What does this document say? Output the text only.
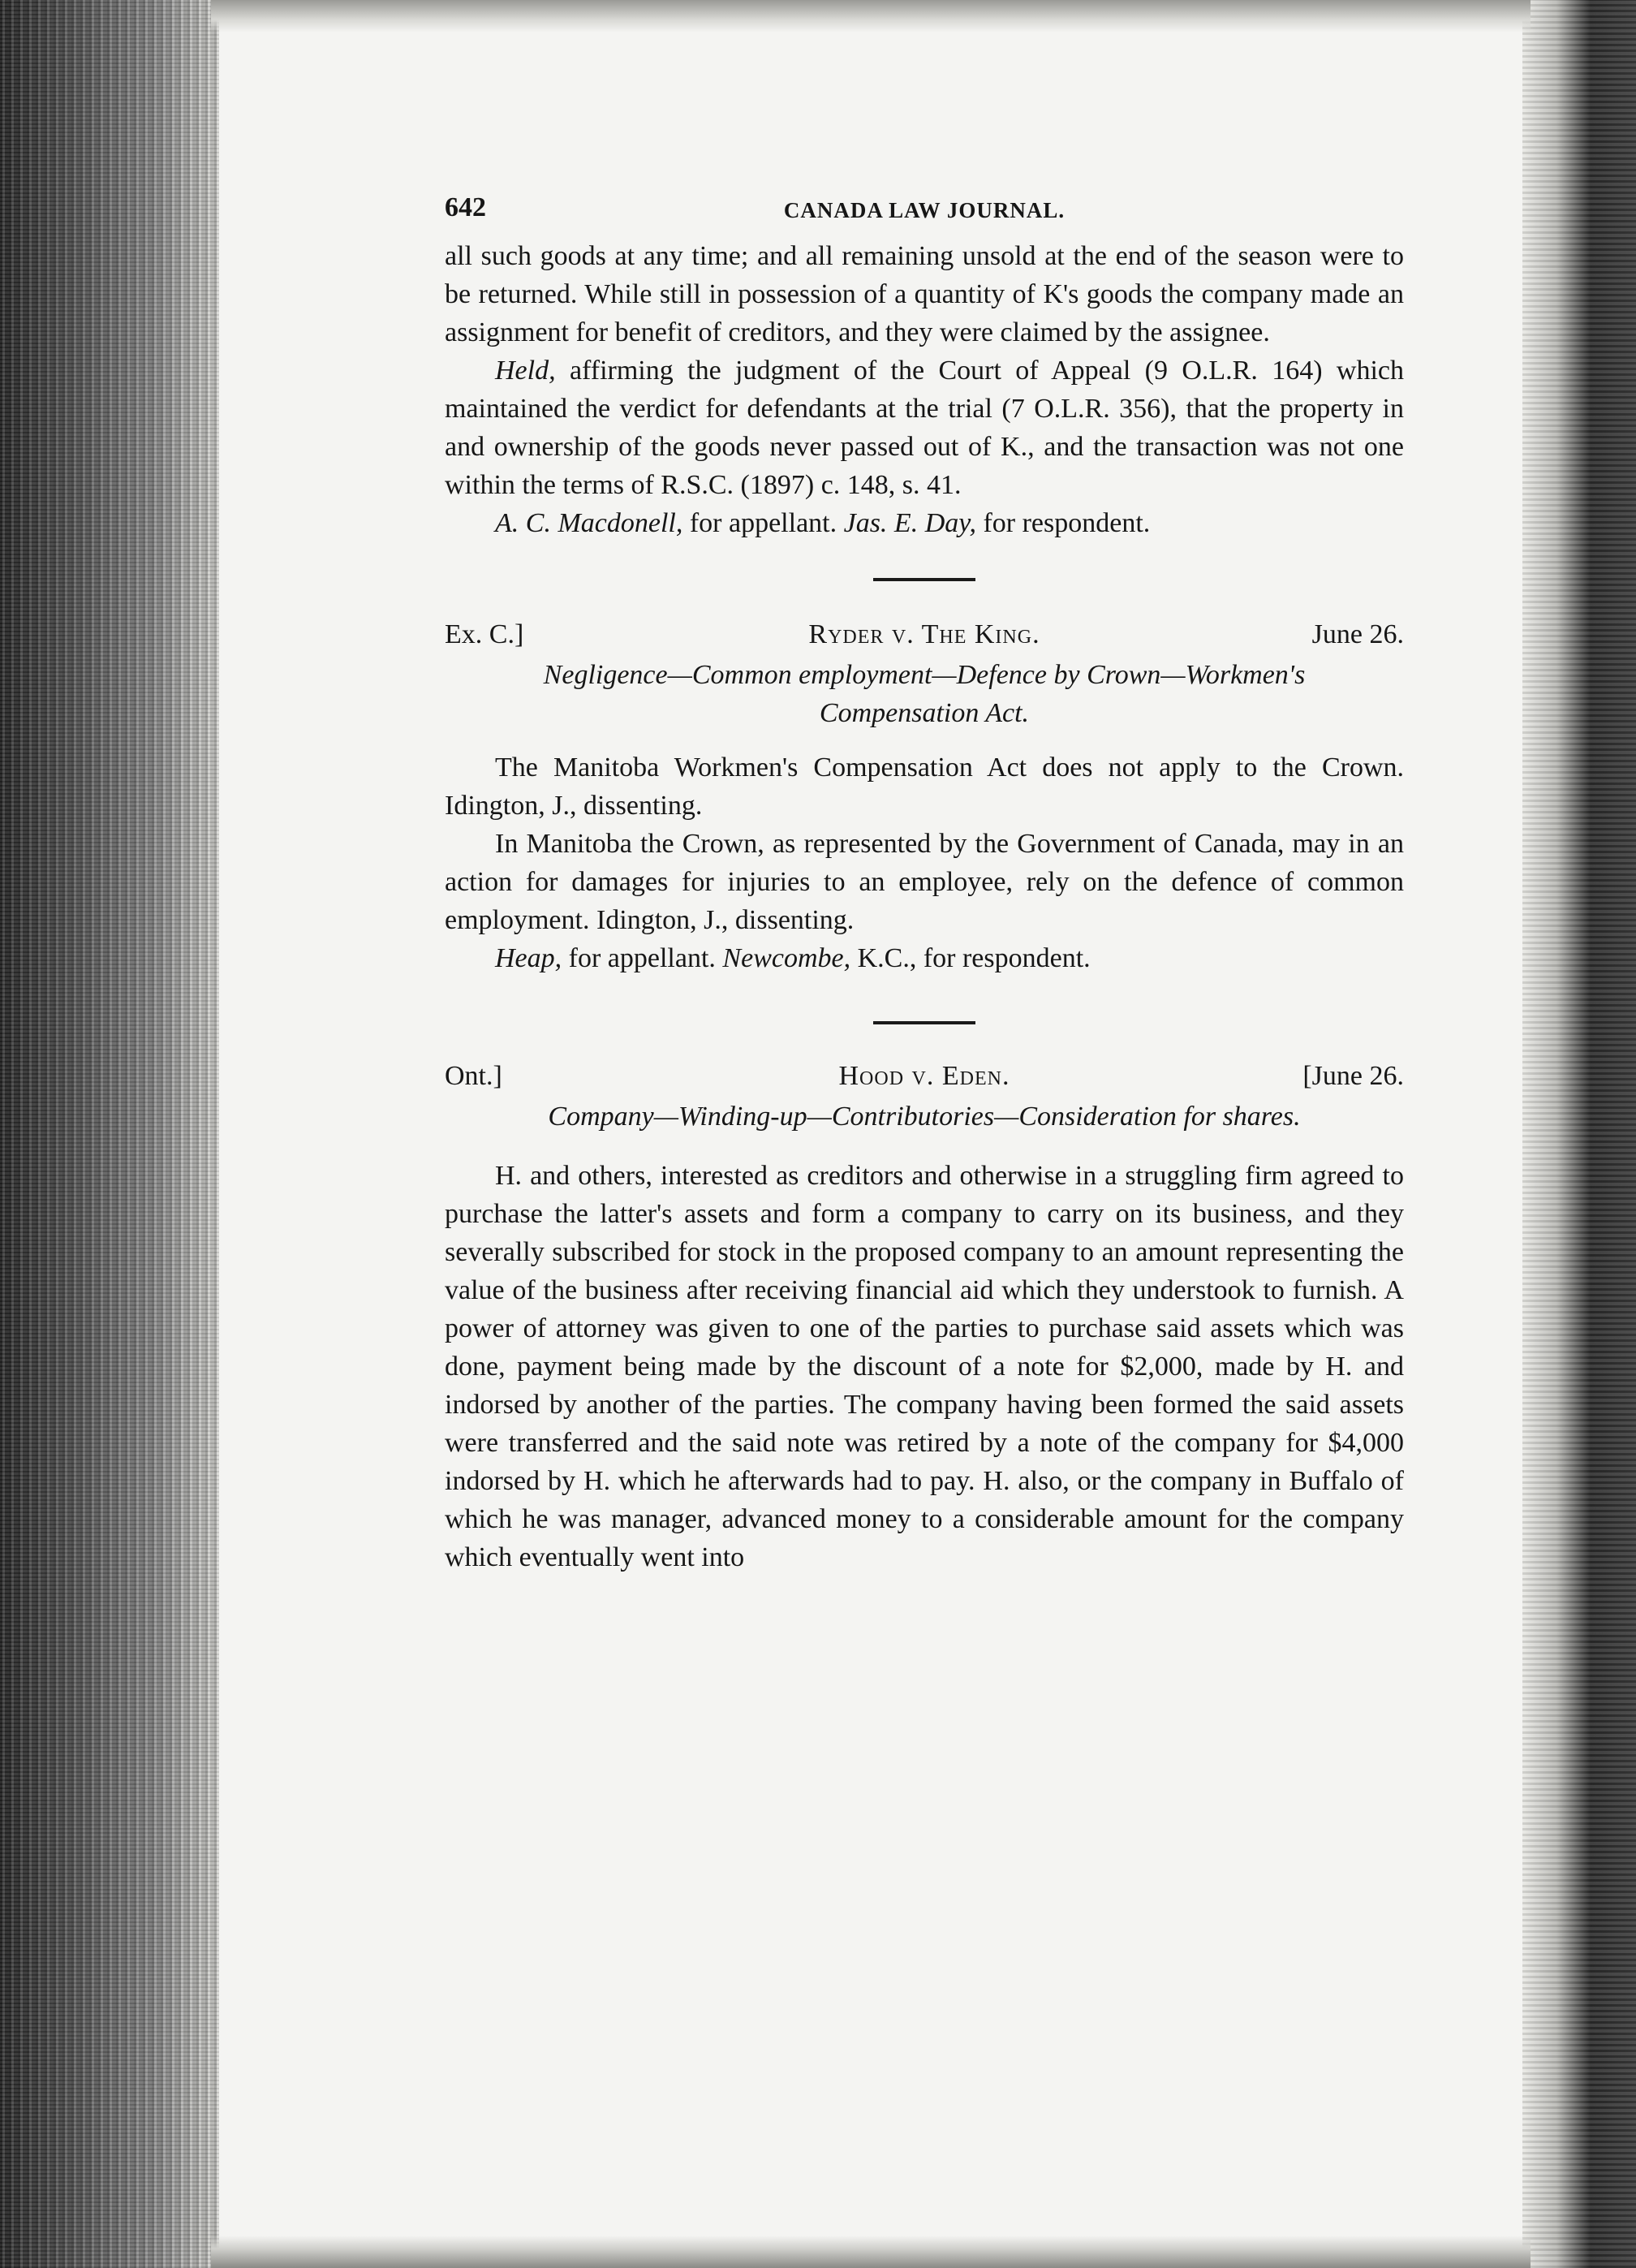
642	CANADA LAW JOURNAL.

all such goods at any time; and all remaining unsold at the end of the season were to be returned. While still in possession of a quantity of K's goods the company made an assignment for benefit of creditors, and they were claimed by the assignee.

Held, affirming the judgment of the Court of Appeal (9 O.L.R. 164) which maintained the verdict for defendants at the trial (7 O.L.R. 356), that the property in and ownership of the goods never passed out of K., and the transaction was not one within the terms of R.S.C. (1897) c. 148, s. 41.

A. C. Macdonell, for appellant. Jas. E. Day, for respondent.

Ex. C.]	Ryder v. The King.	June 26.

Negligence—Common employment—Defence by Crown—Workmen's Compensation Act.

The Manitoba Workmen's Compensation Act does not apply to the Crown. Idington, J., dissenting.

In Manitoba the Crown, as represented by the Government of Canada, may in an action for damages for injuries to an employee, rely on the defence of common employment. Idington, J., dissenting.

Heap, for appellant. Newcombe, K.C., for respondent.

Ont.]	Hood v. Eden.	[June 26.

Company—Winding-up—Contributories—Consideration for shares.

H. and others, interested as creditors and otherwise in a struggling firm agreed to purchase the latter's assets and form a company to carry on its business, and they severally subscribed for stock in the proposed company to an amount representing the value of the business after receiving financial aid which they understook to furnish. A power of attorney was given to one of the parties to purchase said assets which was done, payment being made by the discount of a note for $2,000, made by H. and indorsed by another of the parties. The company having been formed the said assets were transferred and the said note was retired by a note of the company for $4,000 indorsed by H. which he afterwards had to pay. H. also, or the company in Buffalo of which he was manager, advanced money to a considerable amount for the company which eventually went into
